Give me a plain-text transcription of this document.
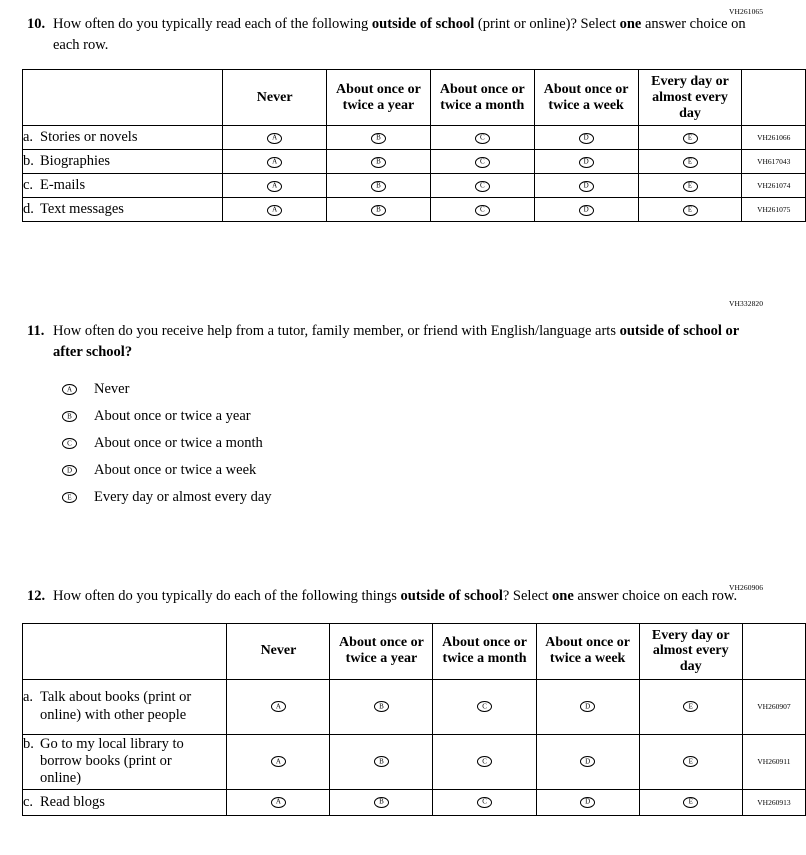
VH261065
10. How often do you typically read each of the following outside of school (print or online)? Select one answer choice on each row.
	Never	About once or twice a year	About once or twice a month	About once or twice a week	Every day or almost every day	
a. Stories or novels	A	B	C	D	E	VH261066
b. Biographies	A	B	C	D	E	VH617043
c. E-mails	A	B	C	D	E	VH261074
d. Text messages	A	B	C	D	E	VH261075
VH332820
11. How often do you receive help from a tutor, family member, or friend with English/language arts outside of school or after school?
A Never
B About once or twice a year
C About once or twice a month
D About once or twice a week
E	Every day or almost every day
VH260906
12. How often do you typically do each of the following things outside of school? Select one answer choice on each row.
	Never	About once or twice a year	About once or twice a month	About once or twice a week	Every day or almost every day	
a. Talk about books (print or online) with other people	A	B	C	D	E	VH260907
b. Go to my local library to borrow books (print or online)	A	B	C	D	E	VH260911
c. Read blogs	A	B	C	D	E	VH260913
